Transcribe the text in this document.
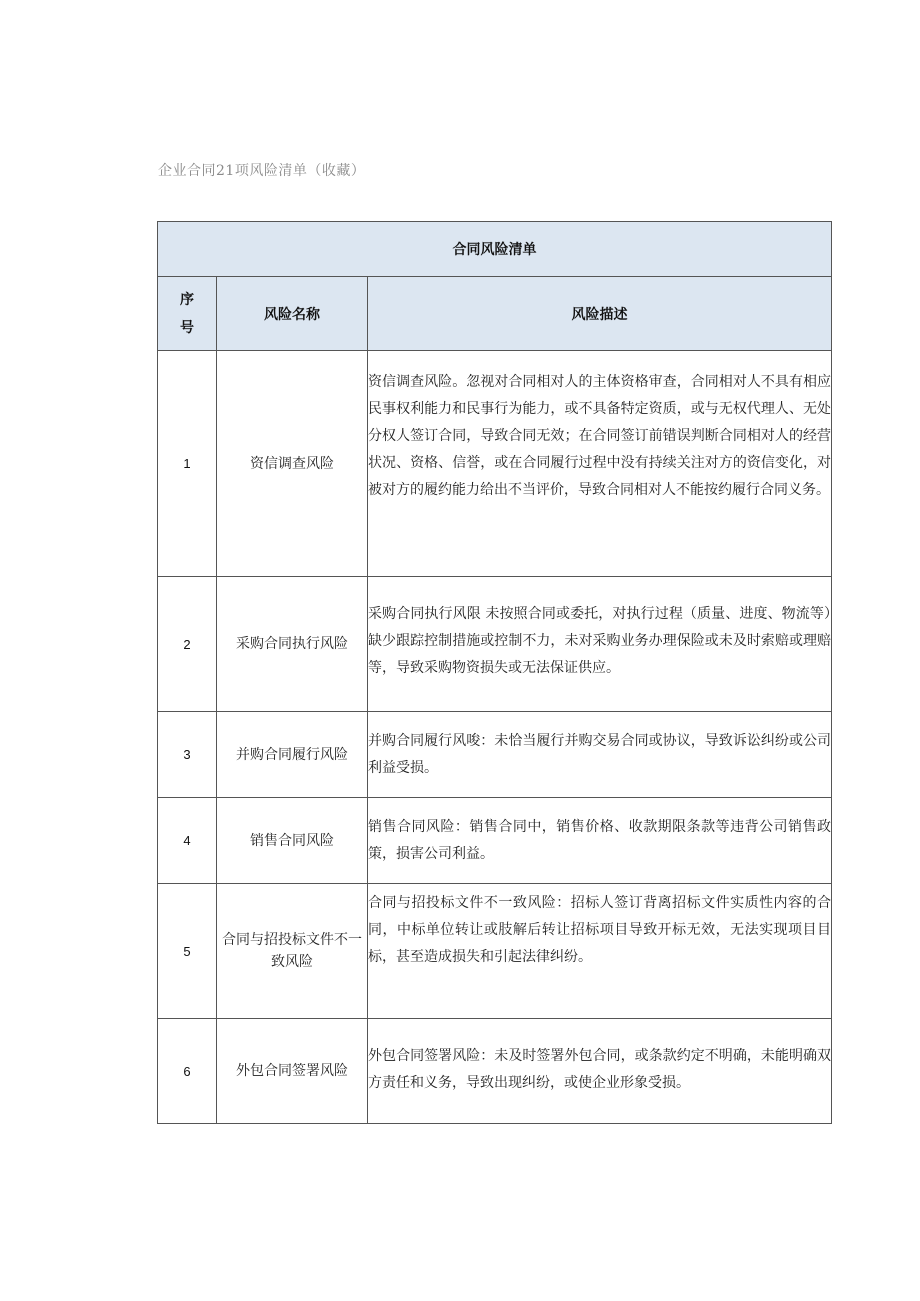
企业合同21项风险清单（收藏）
合同风险清单		

序
号	风险名称	风险描述
1	资信调查风险	资信调查风险。忽视对合同相对人的主体资格审查，合同相对人不具有相应民事权利能力和民事行为能力，或不具备特定资质，或与无权代理人、无处分权人签订合同，导致合同无效；在合同签订前错误判断合同相对人的经营状况、资格、信誉，或在合同履行过程中没有持续关注对方的资信变化，对被对方的履约能力给出不当评价，导致合同相对人不能按约履行合同义务。
2	采购合同执行风险	采购合同执行风限 未按照合同或委托，对执行过程（质量、进度、物流等）缺少跟踪控制措施或控制不力，未对采购业务办理保险或未及时索赔或理赔等，导致采购物资损失或无法保证供应。
3	并购合同履行风险	并购合同履行风唆：未恰当履行并购交易合同或协议，导致诉讼纠纷或公司利益受损。
4	销售合同风险	销售合同风险：销售合同中，销售价格、收款期限条款等违背公司销售政策，损害公司利益。
5	合同与招投标文件不一致风险	合同与招投标文件不一致风险：招标人签订背离招标文件实质性内容的合同，中标单位转让或肢解后转让招标项目导致开标无效，无法实现项目目标，甚至造成损失和引起法律纠纷。
6	外包合同签署风险	外包合同签署风险：未及时签署外包合同，或条款约定不明确，未能明确双方责任和义务，导致出现纠纷，或使企业形象受损。
